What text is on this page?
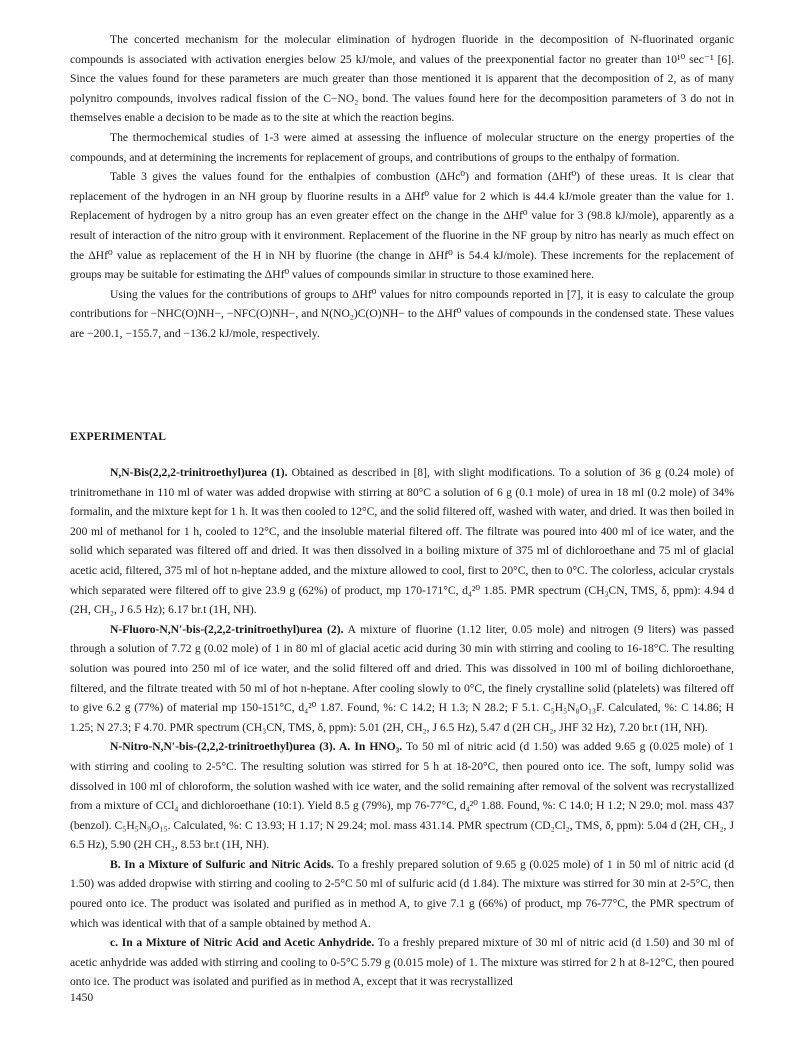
The concerted mechanism for the molecular elimination of hydrogen fluoride in the decomposition of N-fluorinated organic compounds is associated with activation energies below 25 kJ/mole, and values of the preexponential factor no greater than 10¹⁰ sec⁻¹ [6]. Since the values found for these parameters are much greater than those mentioned it is apparent that the decomposition of 2, as of many polynitro compounds, involves radical fission of the C−NO₂ bond. The values found here for the decomposition parameters of 3 do not in themselves enable a decision to be made as to the site at which the reaction begins.

The thermochemical studies of 1-3 were aimed at assessing the influence of molecular structure on the energy properties of the compounds, and at determining the increments for replacement of groups, and contributions of groups to the enthalpy of formation.

Table 3 gives the values found for the enthalpies of combustion (ΔHc⁰) and formation (ΔHf⁰) of these ureas. It is clear that replacement of the hydrogen in an NH group by fluorine results in a ΔHf⁰ value for 2 which is 44.4 kJ/mole greater than the value for 1. Replacement of hydrogen by a nitro group has an even greater effect on the change in the ΔHf⁰ value for 3 (98.8 kJ/mole), apparently as a result of interaction of the nitro group with it environment. Replacement of the fluorine in the NF group by nitro has nearly as much effect on the ΔHf⁰ value as replacement of the H in NH by fluorine (the change in ΔHf⁰ is 54.4 kJ/mole). These increments for the replacement of groups may be suitable for estimating the ΔHf⁰ values of compounds similar in structure to those examined here.

Using the values for the contributions of groups to ΔHf⁰ values for nitro compounds reported in [7], it is easy to calculate the group contributions for −NHC(O)NH−, −NFC(O)NH−, and N(NO₂)C(O)NH− to the ΔHf⁰ values of compounds in the condensed state. These values are −200.1, −155.7, and −136.2 kJ/mole, respectively.

EXPERIMENTAL

N,N-Bis(2,2,2-trinitroethyl)urea (1). Obtained as described in [8], with slight modifications. To a solution of 36 g (0.24 mole) of trinitromethane in 110 ml of water was added dropwise with stirring at 80°C a solution of 6 g (0.1 mole) of urea in 18 ml (0.2 mole) of 34% formalin, and the mixture kept for 1 h. It was then cooled to 12°C, and the solid filtered off, washed with water, and dried. It was then boiled in 200 ml of methanol for 1 h, cooled to 12°C, and the insoluble material filtered off. The filtrate was poured into 400 ml of ice water, and the solid which separated was filtered off and dried. It was then dissolved in a boiling mixture of 375 ml of dichloroethane and 75 ml of glacial acetic acid, filtered, 375 ml of hot n-heptane added, and the mixture allowed to cool, first to 20°C, then to 0°C. The colorless, acicular crystals which separated were filtered off to give 23.9 g (62%) of product, mp 170-171°C, d₄²⁰ 1.85. PMR spectrum (CH₃CN, TMS, δ, ppm): 4.94 d (2H, CH₂, J 6.5 Hz); 6.17 br.t (1H, NH).

N-Fluoro-N,N′-bis-(2,2,2-trinitroethyl)urea (2). A mixture of fluorine (1.12 liter, 0.05 mole) and nitrogen (9 liters) was passed through a solution of 7.72 g (0.02 mole) of 1 in 80 ml of glacial acetic acid during 30 min with stirring and cooling to 16-18°C. The resulting solution was poured into 250 ml of ice water, and the solid filtered off and dried. This was dissolved in 100 ml of boiling dichloroethane, filtered, and the filtrate treated with 50 ml of hot n-heptane. After cooling slowly to 0°C, the finely crystalline solid (platelets) was filtered off to give 6.2 g (77%) of material mp 150-151°C, d₄²⁰ 1.87. Found, %: C 14.2; H 1.3; N 28.2; F 5.1. C₅H₅N₈O₁₃F. Calculated, %: C 14.86; H 1.25; N 27.3; F 4.70. PMR spectrum (CH₃CN, TMS, δ, ppm): 5.01 (2H, CH₂, J 6.5 Hz), 5.47 d (2H CH₂, JHF 32 Hz), 7.20 br.t (1H, NH).

N-Nitro-N,N′-bis-(2,2,2-trinitroethyl)urea (3). A. In HNO₃. To 50 ml of nitric acid (d 1.50) was added 9.65 g (0.025 mole) of 1 with stirring and cooling to 2-5°C. The resulting solution was stirred for 5 h at 18-20°C, then poured onto ice. The soft, lumpy solid was dissolved in 100 ml of chloroform, the solution washed with ice water, and the solid remaining after removal of the solvent was recrystallized from a mixture of CCl₄ and dichloroethane (10:1). Yield 8.5 g (79%), mp 76-77°C, d₄²⁰ 1.88. Found, %: C 14.0; H 1.2; N 29.0; mol. mass 437 (benzol). C₅H₅N₉O₁₅. Calculated, %: C 13.93; H 1.17; N 29.24; mol. mass 431.14. PMR spectrum (CD₂Cl₂, TMS, δ, ppm): 5.04 d (2H, CH₂, J 6.5 Hz), 5.90 (2H CH₂, 8.53 br.t (1H, NH).

B. In a Mixture of Sulfuric and Nitric Acids. To a freshly prepared solution of 9.65 g (0.025 mole) of 1 in 50 ml of nitric acid (d 1.50) was added dropwise with stirring and cooling to 2-5°C 50 ml of sulfuric acid (d 1.84). The mixture was stirred for 30 min at 2-5°C, then poured onto ice. The product was isolated and purified as in method A, to give 7.1 g (66%) of product, mp 76-77°C, the PMR spectrum of which was identical with that of a sample obtained by method A.

c. In a Mixture of Nitric Acid and Acetic Anhydride. To a freshly prepared mixture of 30 ml of nitric acid (d 1.50) and 30 ml of acetic anhydride was added with stirring and cooling to 0-5°C 5.79 g (0.015 mole) of 1. The mixture was stirred for 2 h at 8-12°C, then poured onto ice. The product was isolated and purified as in method A, except that it was recrystallized

1450
